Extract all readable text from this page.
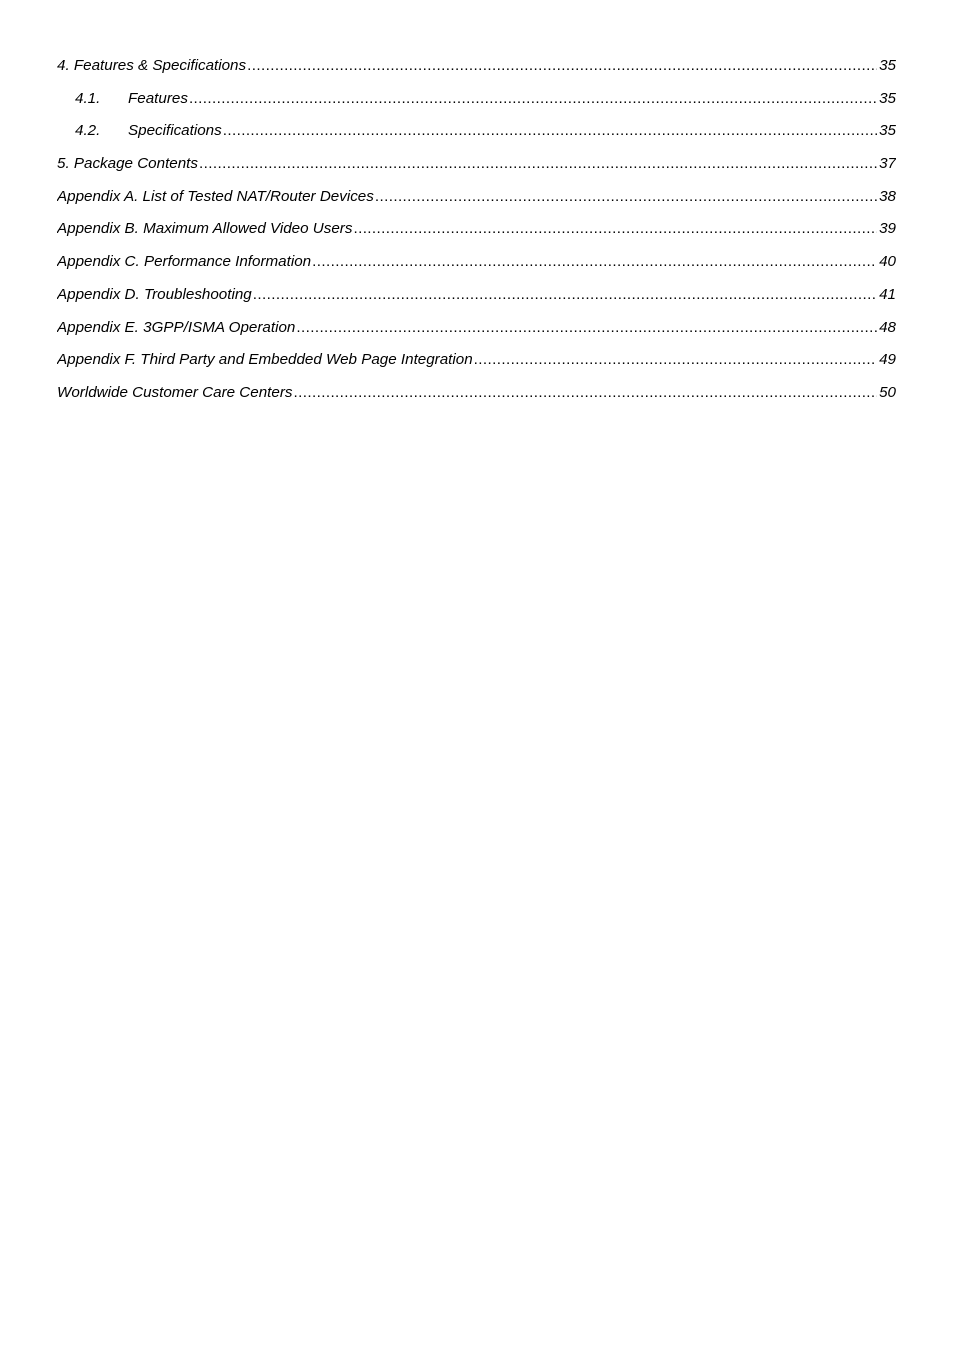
4. Features & Specifications .....	35
4.1.	Features .....	35
4.2.	Specifications .....	35
5. Package Contents .....	37
Appendix A. List of Tested NAT/Router Devices .....	38
Appendix B. Maximum Allowed Video Users .....	39
Appendix C. Performance Information .....	40
Appendix D. Troubleshooting .....	41
Appendix E. 3GPP/ISMA Operation .....	48
Appendix F. Third Party and Embedded Web Page Integration .....	49
Worldwide Customer Care Centers .....	50
